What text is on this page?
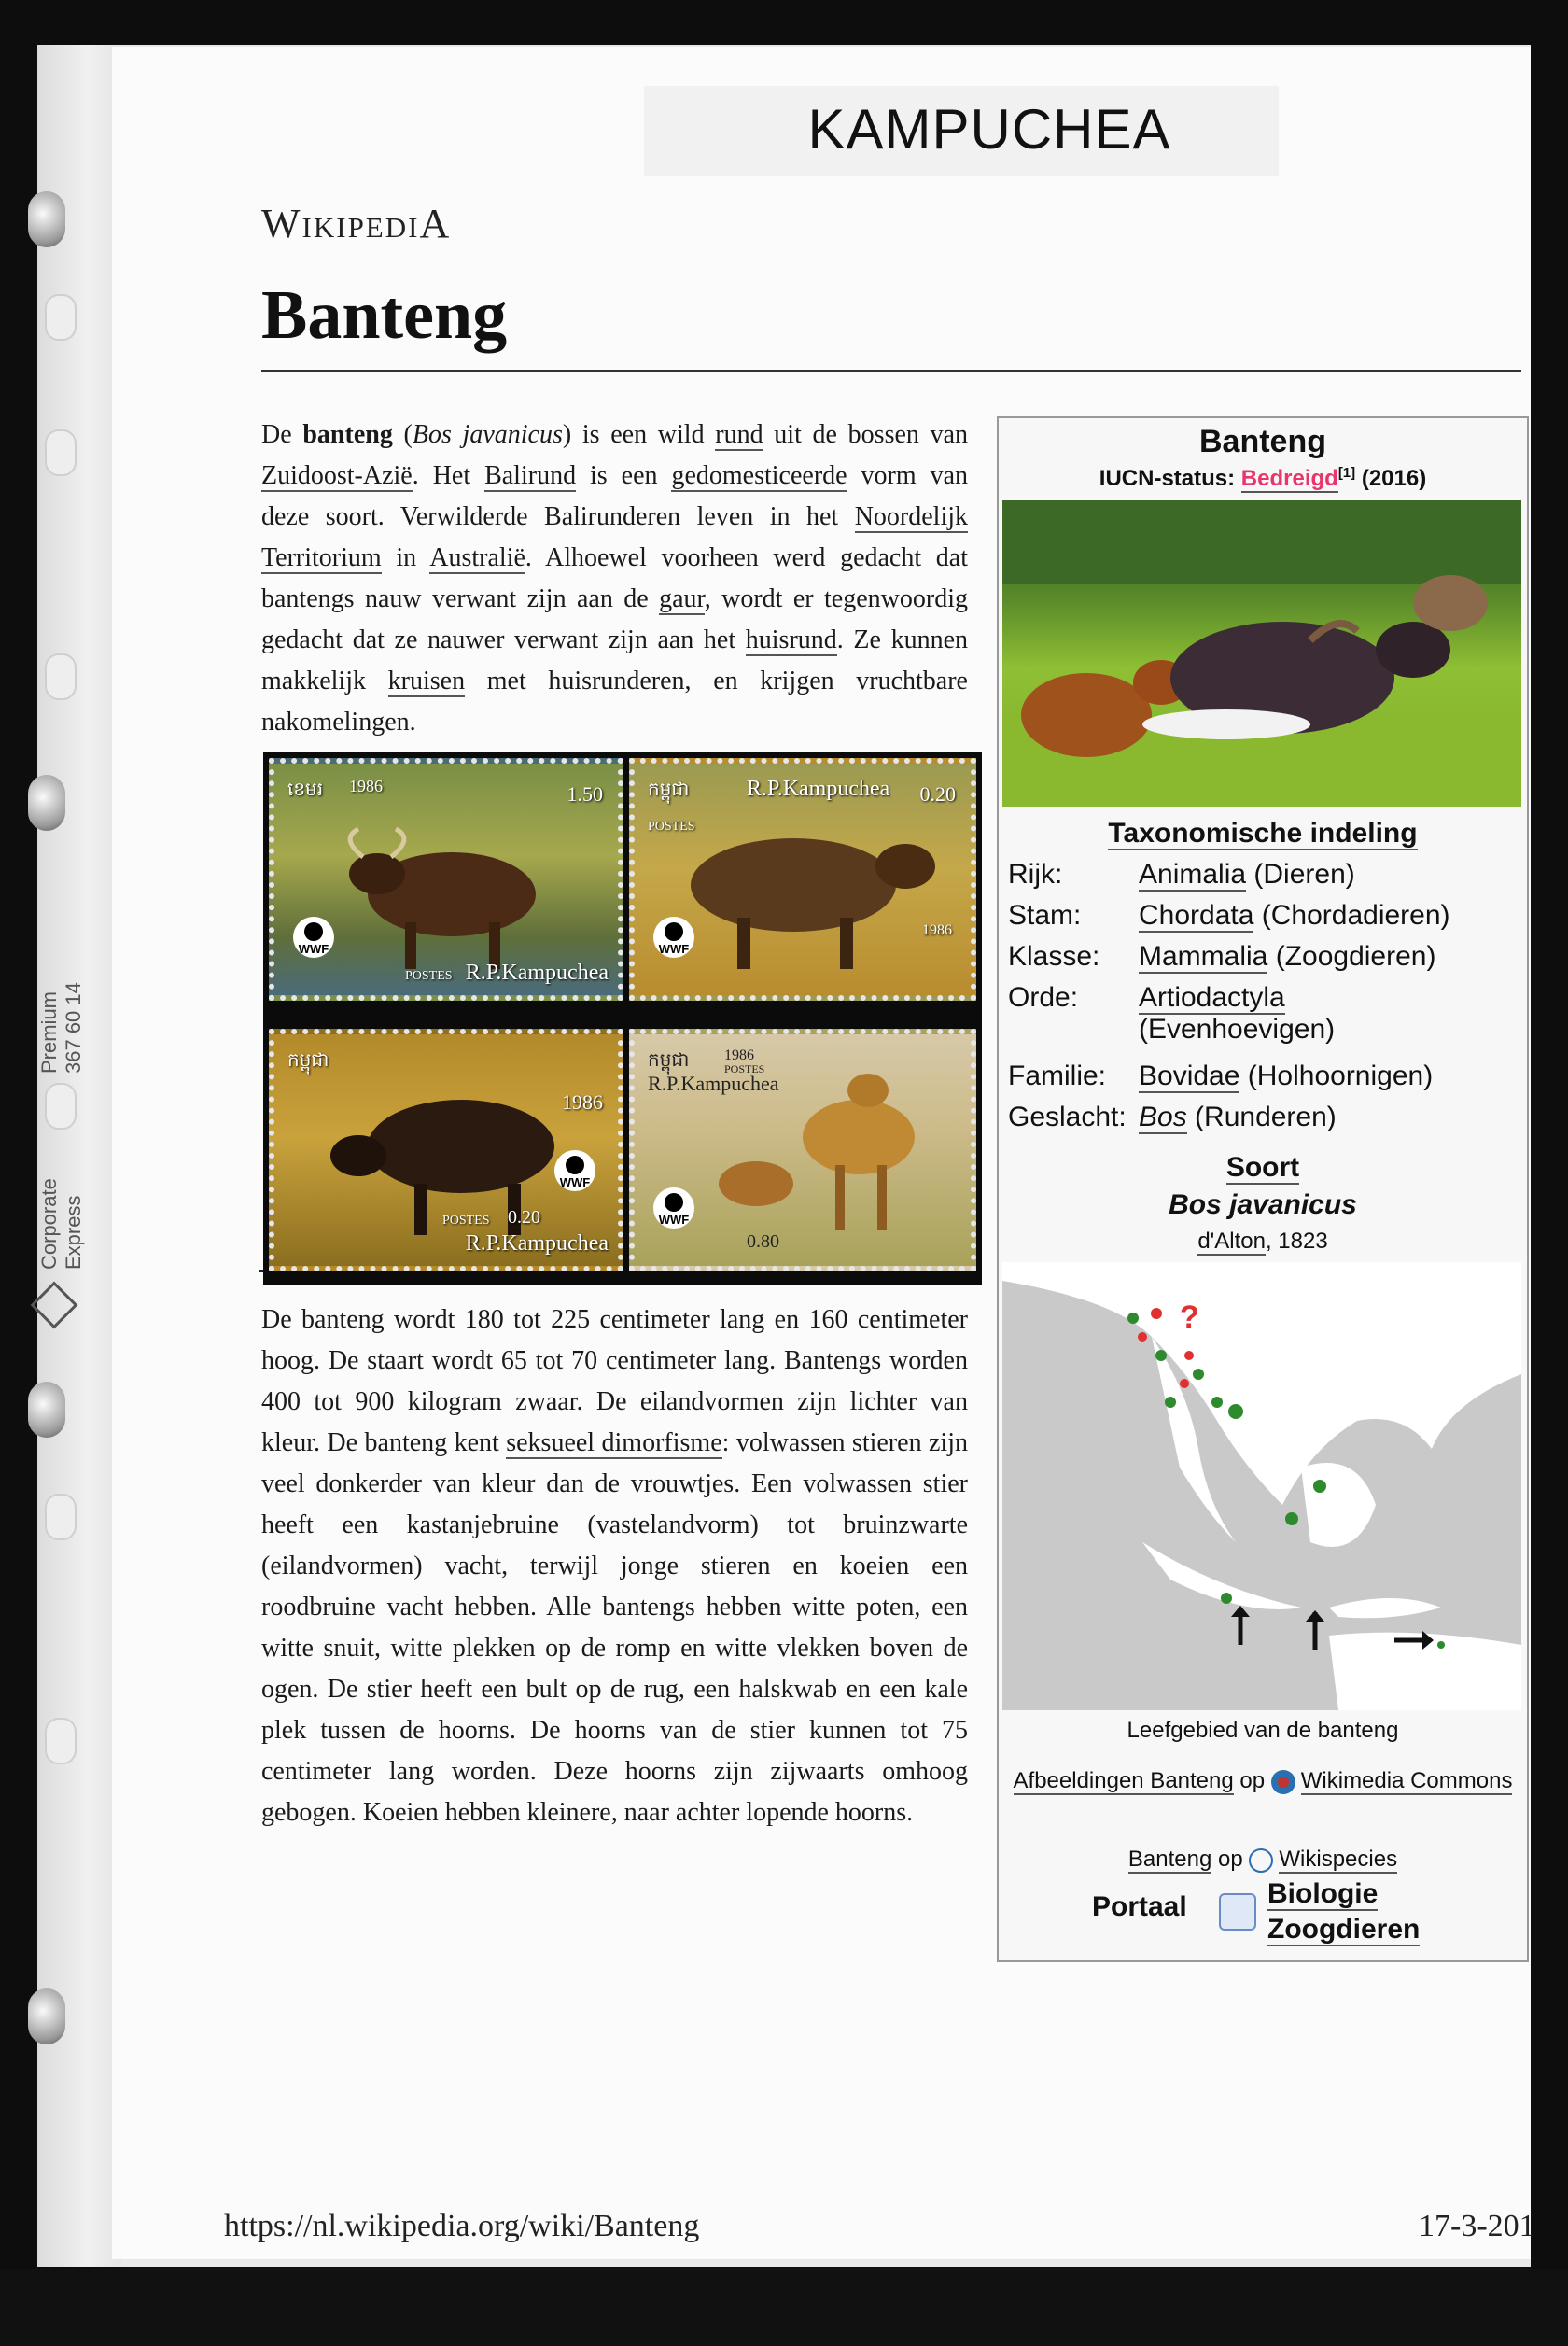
Premium
367 60 14
Corporate
Express
KAMPUCHEA
WikipediA
Banteng
De banteng (Bos javanicus) is een wild rund uit de bossen van Zuidoost-Azië. Het Balirund is een gedomesticeerde vorm van deze soort. Verwilderde Balirunderen leven in het Noordelijk Territorium in Australië. Alhoewel voorheen werd gedacht dat bantengs nauw verwant zijn aan de gaur, wordt er tegenwoordig gedacht dat ze nauwer verwant zijn aan het huisrund. Ze kunnen makkelijk kruisen met huisrunderen, en krijgen vruchtbare nakomelingen.
ខេមរ 1986	1.50
POSTES R.P.Kampuchea
WWF
កម្ពុជា	R.P.Kampuchea 0.20
POSTES
1986
WWF
កម្ពុជា
1986
POSTES 0.20
R.P.Kampuchea
WWF
កម្ពុជា 1986
R.P.Kampuchea
POSTES
0.80
WWF
De banteng wordt 180 tot 225 centimeter lang en 160 centimeter hoog. De staart wordt 65 tot 70 centimeter lang. Bantengs worden 400 tot 900 kilogram zwaar. De eilandvormen zijn lichter van kleur. De banteng kent seksueel dimorfisme: volwassen stieren zijn veel donkerder van kleur dan de vrouwtjes. Een volwassen stier heeft een kastanjebruine (vastelandvorm) tot bruinzwarte (eilandvormen) vacht, terwijl jonge stieren en koeien een roodbruine vacht hebben. Alle bantengs hebben witte poten, een witte snuit, witte plekken op de romp en witte vlekken boven de ogen. De stier heeft een bult op de rug, een halskwab en een kale plek tussen de hoorns. De hoorns van de stier kunnen tot 75 centimeter lang worden. Deze hoorns zijn zijwaarts omhoog gebogen. Koeien hebben kleinere, naar achter lopende hoorns.
Banteng
IUCN-status: Bedreigd[1] (2016)
Taxonomische indeling
Rijk:	Animalia (Dieren)
Stam: Chordata (Chordadieren)
Klasse: Mammalia (Zoogdieren)
Orde: Artiodactyla
(Evenhoevigen)
Familie: Bovidae (Holhoornigen)
Geslacht: Bos (Runderen)
Soort
Bos javanicus
d'Alton, 1823
?
Leefgebied van de banteng
Afbeeldingen Banteng op
Wikimedia Commons
Banteng op Wikispecies
Portaal	Biologie
Zoogdieren
https://nl.wikipedia.org/wiki/Banteng	17-3-201
